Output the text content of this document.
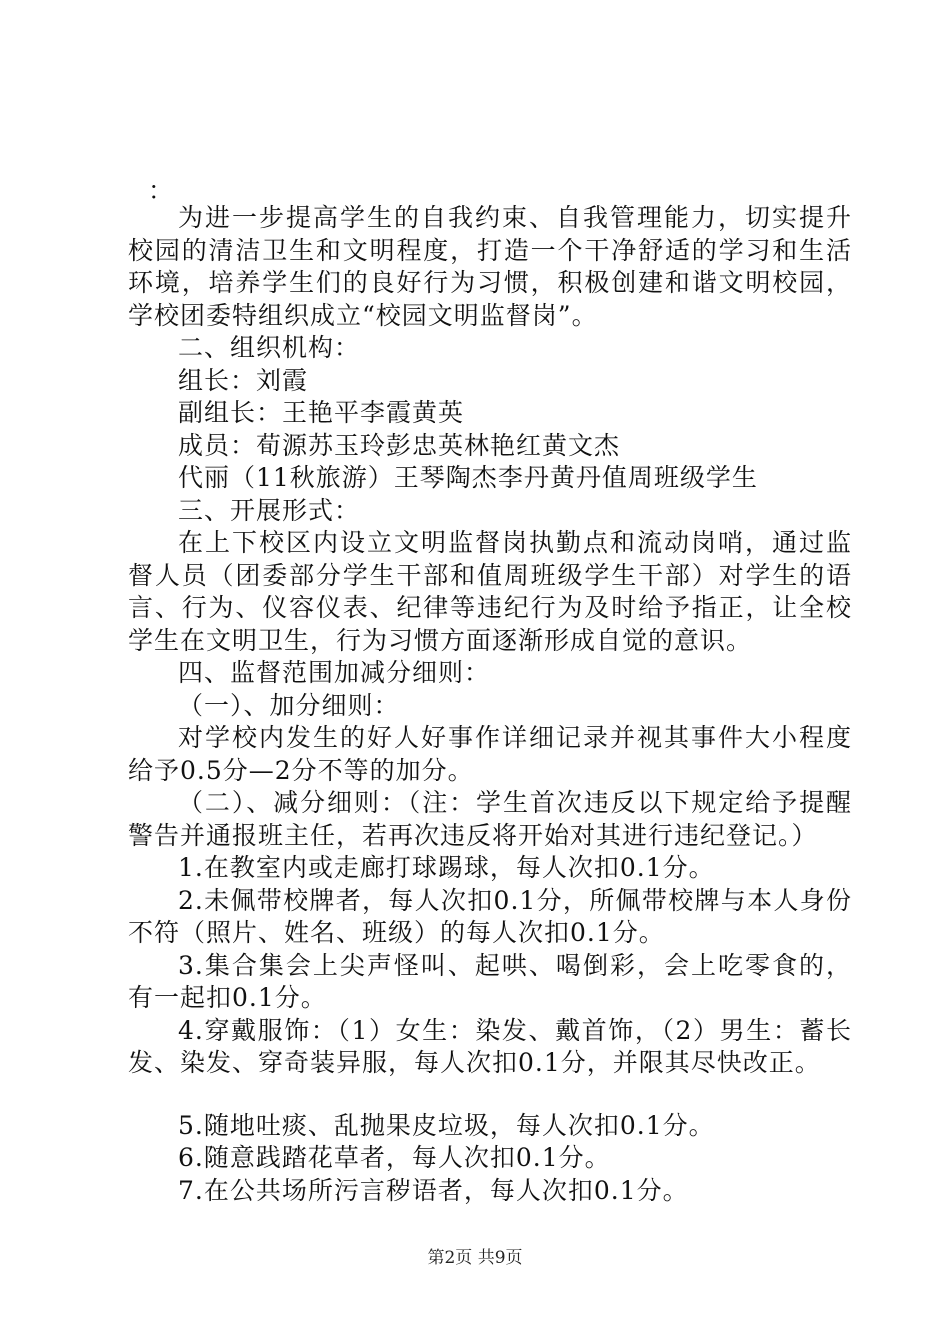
：

为进一步提高学生的自我约束、自我管理能力，切实提升校园的清洁卫生和文明程度，打造一个干净舒适的学习和生活环境，培养学生们的良好行为习惯，积极创建和谐文明校园，学校团委特组织成立“校园文明监督岗”。

二、组织机构：

组长：刘霞

副组长：王艳平李霞黄英

成员：荀源苏玉玲彭忠英林艳红黄文杰

代丽（11秋旅游）王琴陶杰李丹黄丹值周班级学生

三、开展形式：

在上下校区内设立文明监督岗执勤点和流动岗哨，通过监督人员（团委部分学生干部和值周班级学生干部）对学生的语言、行为、仪容仪表、纪律等违纪行为及时给予指正，让全校学生在文明卫生，行为习惯方面逐渐形成自觉的意识。

四、监督范围加减分细则：

（一）、加分细则：

对学校内发生的好人好事作详细记录并视其事件大小程度给予0.5分—2分不等的加分。

（二）、减分细则：（注：学生首次违反以下规定给予提醒警告并通报班主任，若再次违反将开始对其进行违纪登记。）

1.在教室内或走廊打球踢球，每人次扣0.1分。

2.未佩带校牌者，每人次扣0.1分，所佩带校牌与本人身份不符（照片、姓名、班级）的每人次扣0.1分。

3.集合集会上尖声怪叫、起哄、喝倒彩，会上吃零食的，有一起扣0.1分。

4.穿戴服饰：（1）女生：染发、戴首饰，（2）男生：蓄长发、染发、穿奇装异服，每人次扣0.1分，并限其尽快改正。

5.随地吐痰、乱抛果皮垃圾，每人次扣0.1分。

6.随意践踏花草者，每人次扣0.1分。

7.在公共场所污言秽语者，每人次扣0.1分。

第2页 共9页
